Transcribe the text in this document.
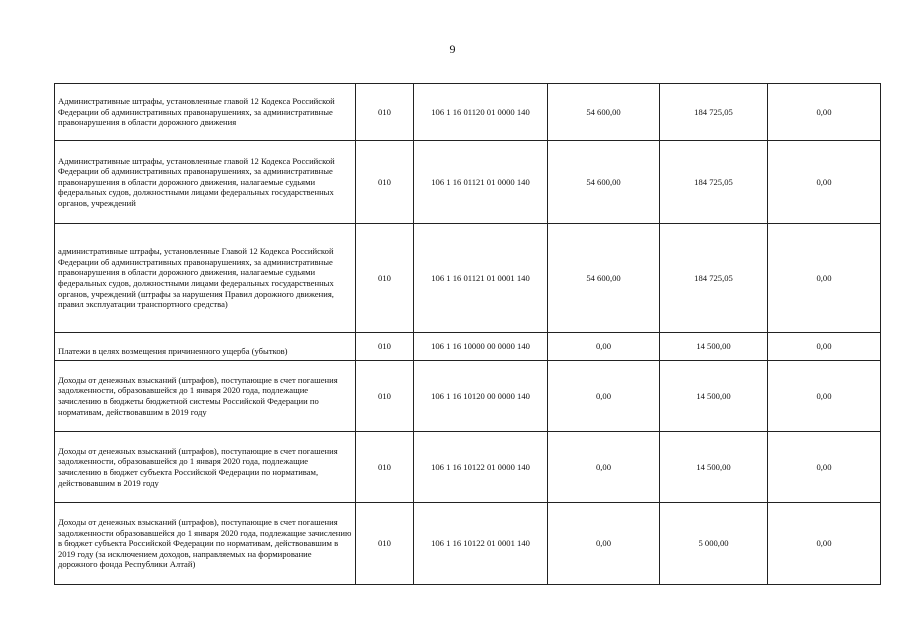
9
Административные штрафы, установленные главой 12 Кодекса Российской Федерации об административных правонарушениях, за административные правонарушения в области дорожного движения	010	106 1 16 01120 01 0000 140	54 600,00	184 725,05	0,00
Административные штрафы, установленные главой 12 Кодекса Российской Федерации об административных правонарушениях, за административные правонарушения в области дорожного движения, налагаемые судьями федеральных судов, должностными лицами федеральных государственных органов, учреждений	010	106 1 16 01121 01 0000 140	54 600,00	184 725,05	0,00
административные штрафы, установленные Главой 12 Кодекса Российской Федерации об административных правонарушениях, за административные правонарушения в области дорожного движения, налагаемые судьями федеральных судов, должностными лицами федеральных государственных органов, учреждений (штрафы за нарушения Правил дорожного движения, правил эксплуатации транспортного средства)	010	106 1 16 01121 01 0001 140	54 600,00	184 725,05	0,00
Платежи в целях возмещения причиненного ущерба (убытков)	010	106 1 16 10000 00 0000 140	0,00	14 500,00	0,00
Доходы от денежных взысканий (штрафов), поступающие в счет погашения задолженности, образовавшейся до 1 января 2020 года, подлежащие зачислению в бюджеты бюджетной системы Российской Федерации по нормативам, действовавшим в 2019 году	010	106 1 16 10120 00 0000 140	0,00	14 500,00	0,00
Доходы от денежных взысканий (штрафов), поступающие в счет погашения задолженности, образовавшейся до 1 января 2020 года, подлежащие зачислению в бюджет субъекта Российской Федерации по нормативам, действовавшим в 2019 году	010	106 1 16 10122 01 0000 140	0,00	14 500,00	0,00
Доходы от денежных взысканий (штрафов), поступающие в счет погашения задолженности образовавшейся до 1 января 2020 года, подлежащие зачислению в бюджет субъекта Российской Федерации по нормативам, действовавшим в 2019 году (за исключением доходов, направляемых на формирование дорожного фонда Республики Алтай)	010	106 1 16 10122 01 0001 140	0,00	5 000,00	0,00
